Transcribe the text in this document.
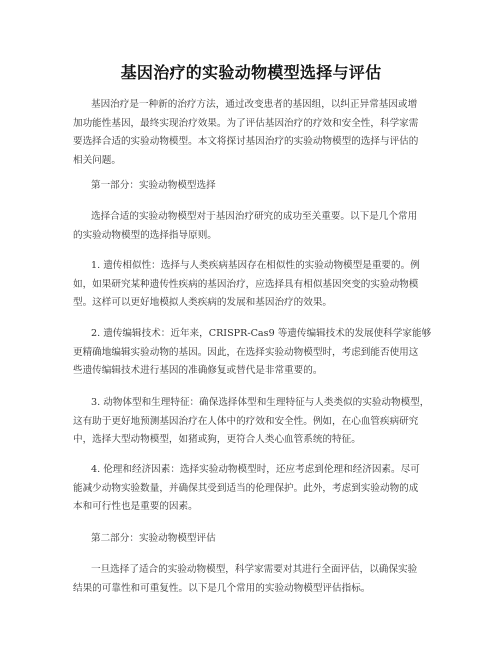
基因治疗的实验动物模型选择与评估

基因治疗是一种新的治疗方法，通过改变患者的基因组，以纠正异常基因或增
加功能性基因，最终实现治疗效果。为了评估基因治疗的疗效和安全性，科学家需
要选择合适的实验动物模型。本文将探讨基因治疗的实验动物模型的选择与评估的
相关问题。

第一部分：实验动物模型选择

选择合适的实验动物模型对于基因治疗研究的成功至关重要。以下是几个常用
的实验动物模型的选择指导原则。

1. 遗传相似性：选择与人类疾病基因存在相似性的实验动物模型是重要的。例
如，如果研究某种遗传性疾病的基因治疗，应选择具有相似基因突变的实验动物模
型。这样可以更好地模拟人类疾病的发展和基因治疗的效果。

2. 遗传编辑技术：近年来，CRISPR-Cas9 等遗传编辑技术的发展使科学家能够
更精确地编辑实验动物的基因。因此，在选择实验动物模型时，考虑到能否使用这
些遗传编辑技术进行基因的准确修复或替代是非常重要的。

3. 动物体型和生理特征：确保选择体型和生理特征与人类类似的实验动物模型，
这有助于更好地预测基因治疗在人体中的疗效和安全性。例如，在心血管疾病研究
中，选择大型动物模型，如猪或狗，更符合人类心血管系统的特征。

4. 伦理和经济因素：选择实验动物模型时，还应考虑到伦理和经济因素。尽可
能减少动物实验数量，并确保其受到适当的伦理保护。此外，考虑到实验动物的成
本和可行性也是重要的因素。

第二部分：实验动物模型评估

一旦选择了适合的实验动物模型，科学家需要对其进行全面评估，以确保实验
结果的可靠性和可重复性。以下是几个常用的实验动物模型评估指标。
